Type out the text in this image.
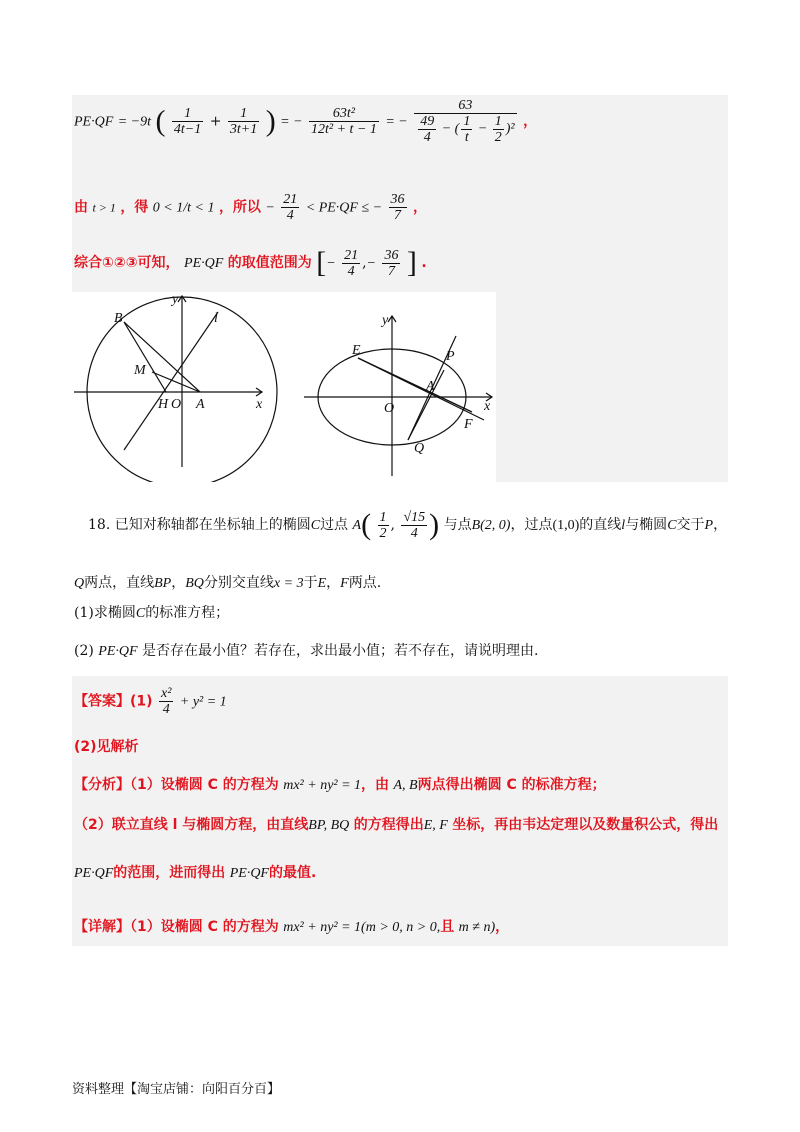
PE·QF = −9t ( $\frac{1}{4t-1} + \frac{1}{3t+1}$ ) = − $\frac{\text{63t²}}{\text{12t² + t − 1}}$ = − $\frac{63}{\frac{49}{4} - ( \frac{1}{t} - \frac{1}{2} )^2}$ ，
由 t > 1 ，得 0 < 1/t < 1 ，所以 − $\frac{21}{4} < PE\cdot QF$ ≤ − $\frac{36}{7}$ ，
综合①②③可知， PE·QF 的取值范围为 [− $\frac{21}{4}$ ,− $\frac{36}{7}$ ] .
y
l
B
M
H O A	x
y
E	P
A
O	x
F
Q
18. 已知对称轴都在坐标轴上的椭圆C过点 $A( \frac{1}{2}$ , $\frac{√15}{4}$ ) 与点B(2, 0)，过点(1,0)的直线l与椭圆C交于P，
Q两点，直线BP，BQ分别交直线x = 3于E，F两点.
(1)求椭圆C的标准方程；
(2) PE·QF 是否存在最小值？若存在，求出最小值；若不存在，请说明理由.
【答案】$(1) \frac{\text{x²}}{4} + y^2 = 1$
(2)见解析
【分析】（1）设椭圆 C 的方程为 mx² + ny² = 1，由 A, B两点得出椭圆 C 的标准方程；
（2）联立直线 l 与椭圆方程，由直线BP, BQ 的方程得出E, F 坐标，再由韦达定理以及数量积公式，得出
PE·QF的范围，进而得出 PE·QF的最值.
【详解】（1）设椭圆 C 的方程为 mx² + ny² = 1(m > 0, n > 0,且 m ≠ n)，
资料整理【淘宝店铺：向阳百分百】
